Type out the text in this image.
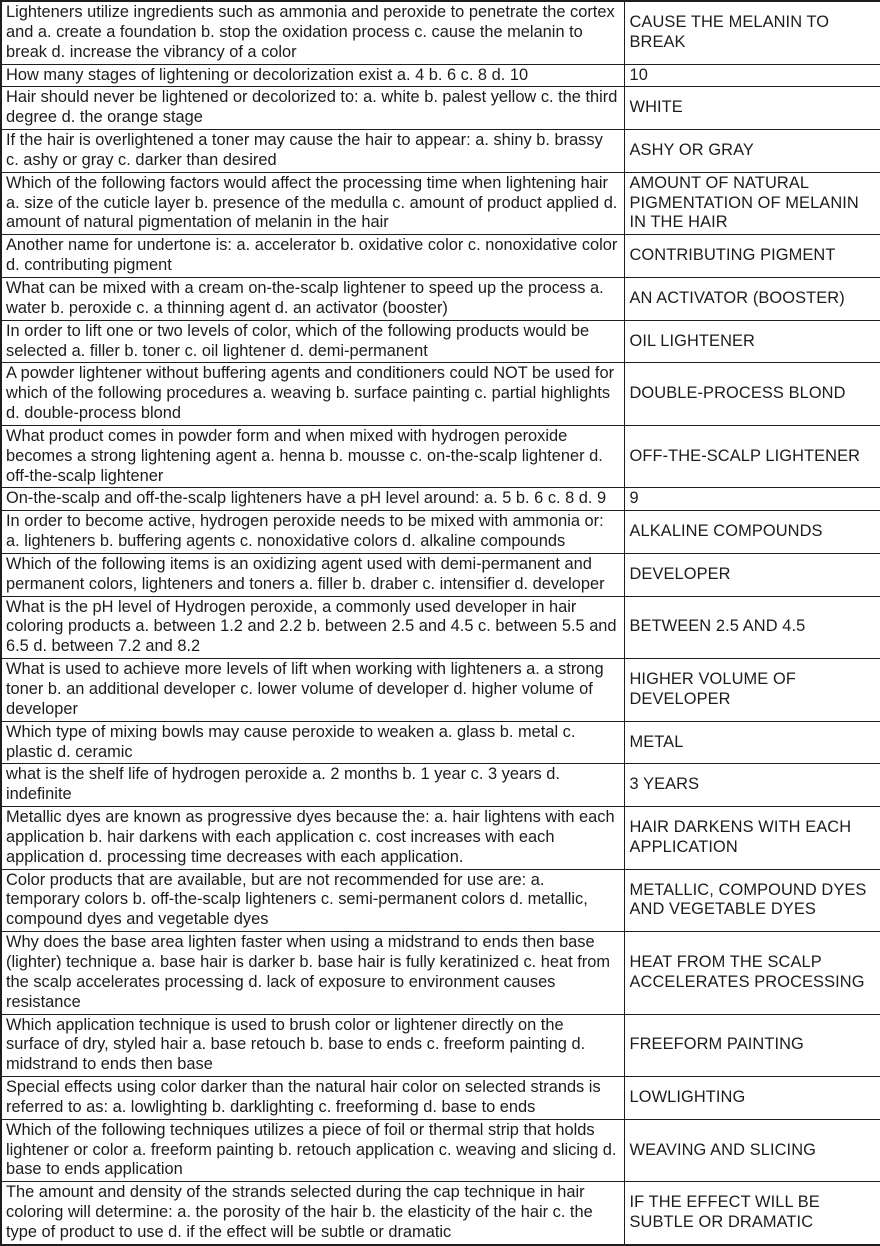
Lighteners utilize ingredients such as ammonia and peroxide to penetrate the cortex and a. create a foundation b. stop the oxidation process c. cause the melanin to break d. increase the vibrancy of a color	CAUSE THE MELANIN TO BREAK
How many stages of lightening or decolorization exist a. 4 b. 6 c. 8 d. 10	10
Hair should never be lightened or decolorized to: a. white b. palest yellow c. the third degree d. the orange stage	WHITE
If the hair is overlightened a toner may cause the hair to appear: a. shiny b. brassy c. ashy or gray c. darker than desired	ASHY OR GRAY
Which of the following factors would affect the processing time when lightening hair a. size of the cuticle layer b. presence of the medulla c. amount of product applied d. amount of natural pigmentation of melanin in the hair	AMOUNT OF NATURAL PIGMENTATION OF MELANIN IN THE HAIR
Another name for undertone is: a. accelerator b. oxidative color c. nonoxidative color d. contributing pigment	CONTRIBUTING PIGMENT
What can be mixed with a cream on-the-scalp lightener to speed up the process a. water b. peroxide c. a thinning agent d. an activator (booster)	AN ACTIVATOR (BOOSTER)
In order to lift one or two levels of color, which of the following products would be selected a. filler b. toner c. oil lightener d. demi-permanent	OIL LIGHTENER
A powder lightener without buffering agents and conditioners could NOT be used for which of the following procedures a. weaving b. surface painting c. partial highlights d. double-process blond	DOUBLE-PROCESS BLOND
What product comes in powder form and when mixed with hydrogen peroxide becomes a strong lightening agent a. henna b. mousse c. on-the-scalp lightener d. off-the-scalp lightener	OFF-THE-SCALP LIGHTENER
On-the-scalp and off-the-scalp lighteners have a pH level around: a. 5 b. 6 c. 8 d. 9	9
In order to become active, hydrogen peroxide needs to be mixed with ammonia or: a. lighteners b. buffering agents c. nonoxidative colors d. alkaline compounds	ALKALINE COMPOUNDS
Which of the following items is an oxidizing agent used with demi-permanent and permanent colors, lighteners and toners a. filler b. draber c. intensifier d. developer	DEVELOPER
What is the pH level of Hydrogen peroxide, a commonly used developer in hair coloring products a. between 1.2 and 2.2 b. between 2.5 and 4.5 c. between 5.5 and 6.5 d. between 7.2 and 8.2	BETWEEN 2.5 AND 4.5
What is used to achieve more levels of lift when working with lighteners a. a strong toner b. an additional developer c. lower volume of developer d. higher volume of developer	HIGHER VOLUME OF DEVELOPER
Which type of mixing bowls may cause peroxide to weaken a. glass b. metal c. plastic d. ceramic	METAL
what is the shelf life of hydrogen peroxide a. 2 months b. 1 year c. 3 years d. indefinite	3 YEARS
Metallic dyes are known as progressive dyes because the: a. hair lightens with each application b. hair darkens with each application c. cost increases with each application d. processing time decreases with each application.	HAIR DARKENS WITH EACH APPLICATION
Color products that are available, but are not recommended for use are: a. temporary colors b. off-the-scalp lighteners c. semi-permanent colors d. metallic, compound dyes and vegetable dyes	METALLIC, COMPOUND DYES AND VEGETABLE DYES
Why does the base area lighten faster when using a midstrand to ends then base (lighter) technique a. base hair is darker b. base hair is fully keratinized c. heat from the scalp accelerates processing d. lack of exposure to environment causes resistance	HEAT FROM THE SCALP ACCELERATES PROCESSING
Which application technique is used to brush color or lightener directly on the surface of dry, styled hair a. base retouch b. base to ends c. freeform painting d. midstrand to ends then base	FREEFORM PAINTING
Special effects using color darker than the natural hair color on selected strands is referred to as: a. lowlighting b. darklighting c. freeforming d. base to ends	LOWLIGHTING
Which of the following techniques utilizes a piece of foil or thermal strip that holds lightener or color a. freeform painting b. retouch application c. weaving and slicing d. base to ends application	WEAVING AND SLICING
The amount and density of the strands selected during the cap technique in hair coloring will determine: a. the porosity of the hair b. the elasticity of the hair c. the type of product to use d. if the effect will be subtle or dramatic	IF THE EFFECT WILL BE SUBTLE OR DRAMATIC
